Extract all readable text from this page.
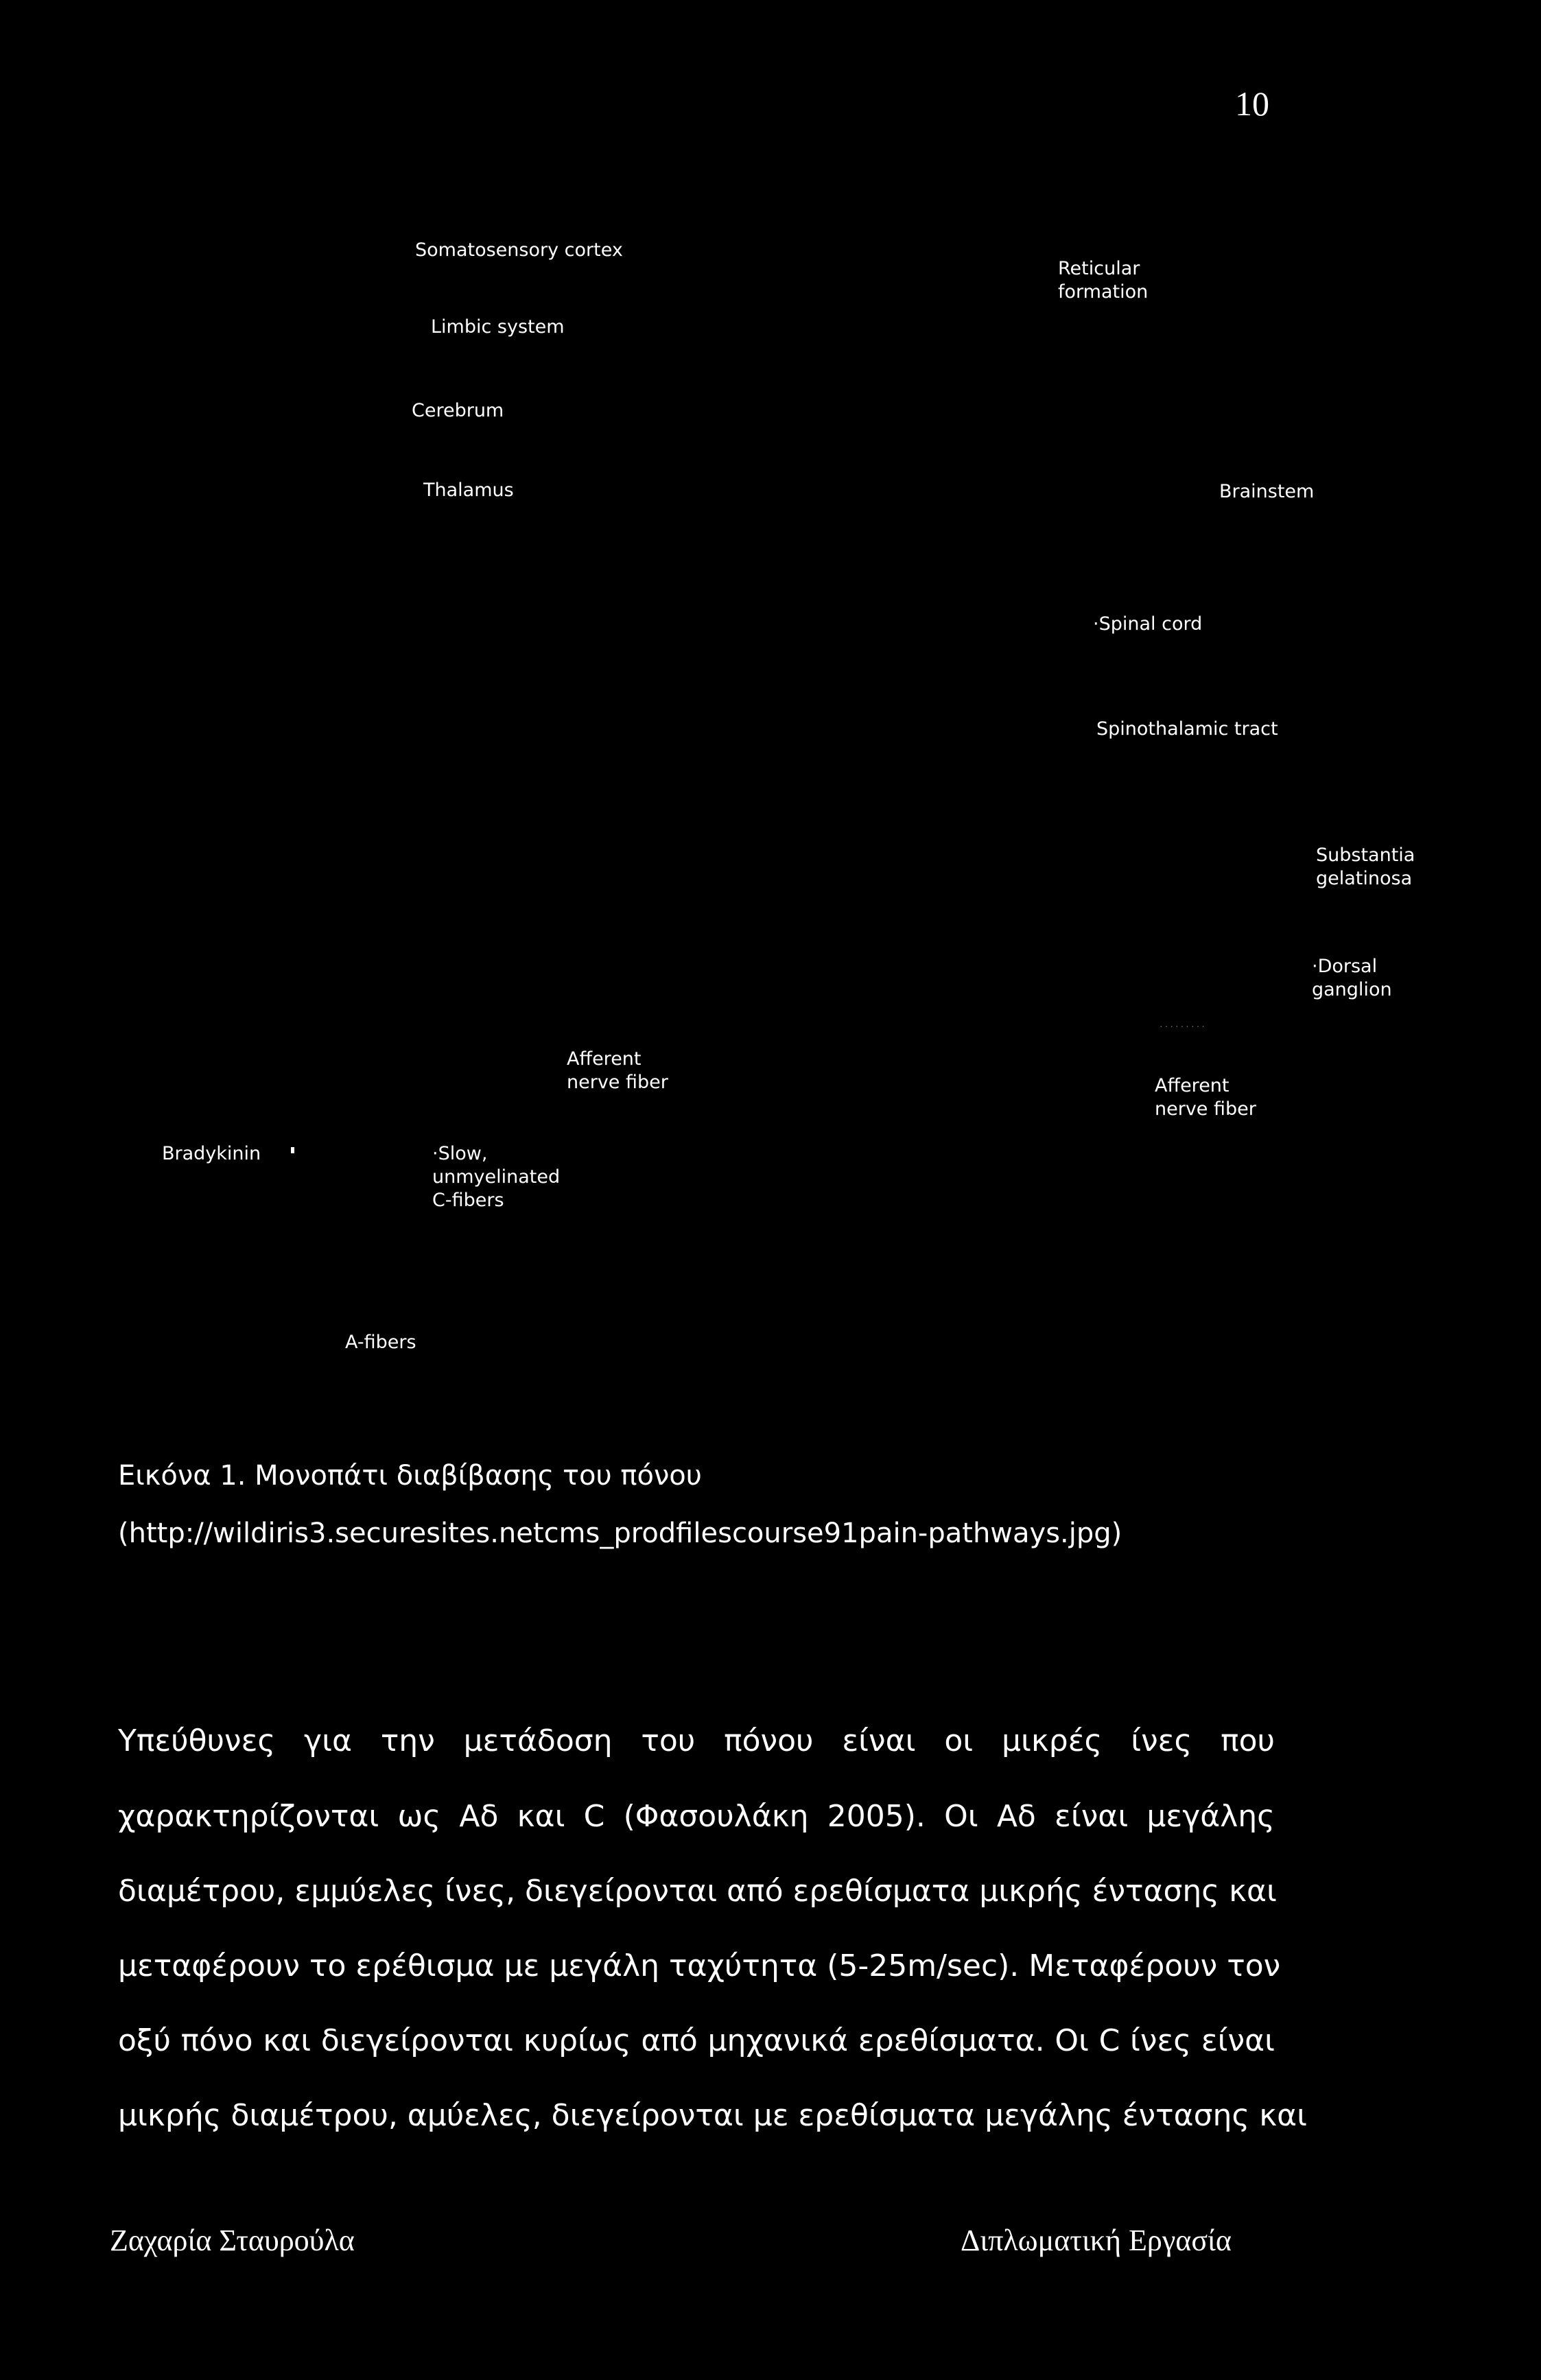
10
Somatosensory cortex
Limbic system
Cerebrum
Thalamus
Reticular
formation
Brainstem
·Spinal cord
Spinothalamic tract
Substantia
gelatinosa
·Dorsal
ganglion
Afferent
nerve fiber	Afferent
nerve fiber
Bradykinin	·Slow,
unmyelinated
C-fibers
A-fibers
·········
Εικόνα 1. Μονοπάτι διαβίβασης του πόνου
(http://wildiris3.securesites.netcms_prodfilescourse91pain-pathways.jpg)
Υπεύθυνες για την μετάδοση του πόνου είναι οι μικρές ίνες που
χαρακτηρίζονται ως Αδ και C (Φασουλάκη 2005). Οι Αδ είναι μεγάλης
διαμέτρου, εμμύελες ίνες, διεγείρονται από ερεθίσματα μικρής έντασης και
μεταφέρουν το ερέθισμα με μεγάλη ταχύτητα (5-25m/sec). Μεταφέρουν τον
οξύ πόνο και διεγείρονται κυρίως από μηχανικά ερεθίσματα. Οι C ίνες είναι
μικρής διαμέτρου, αμύελες, διεγείρονται με ερεθίσματα μεγάλης έντασης και
Ζαχαρία Σταυρούλα	Διπλωματική Εργασία
